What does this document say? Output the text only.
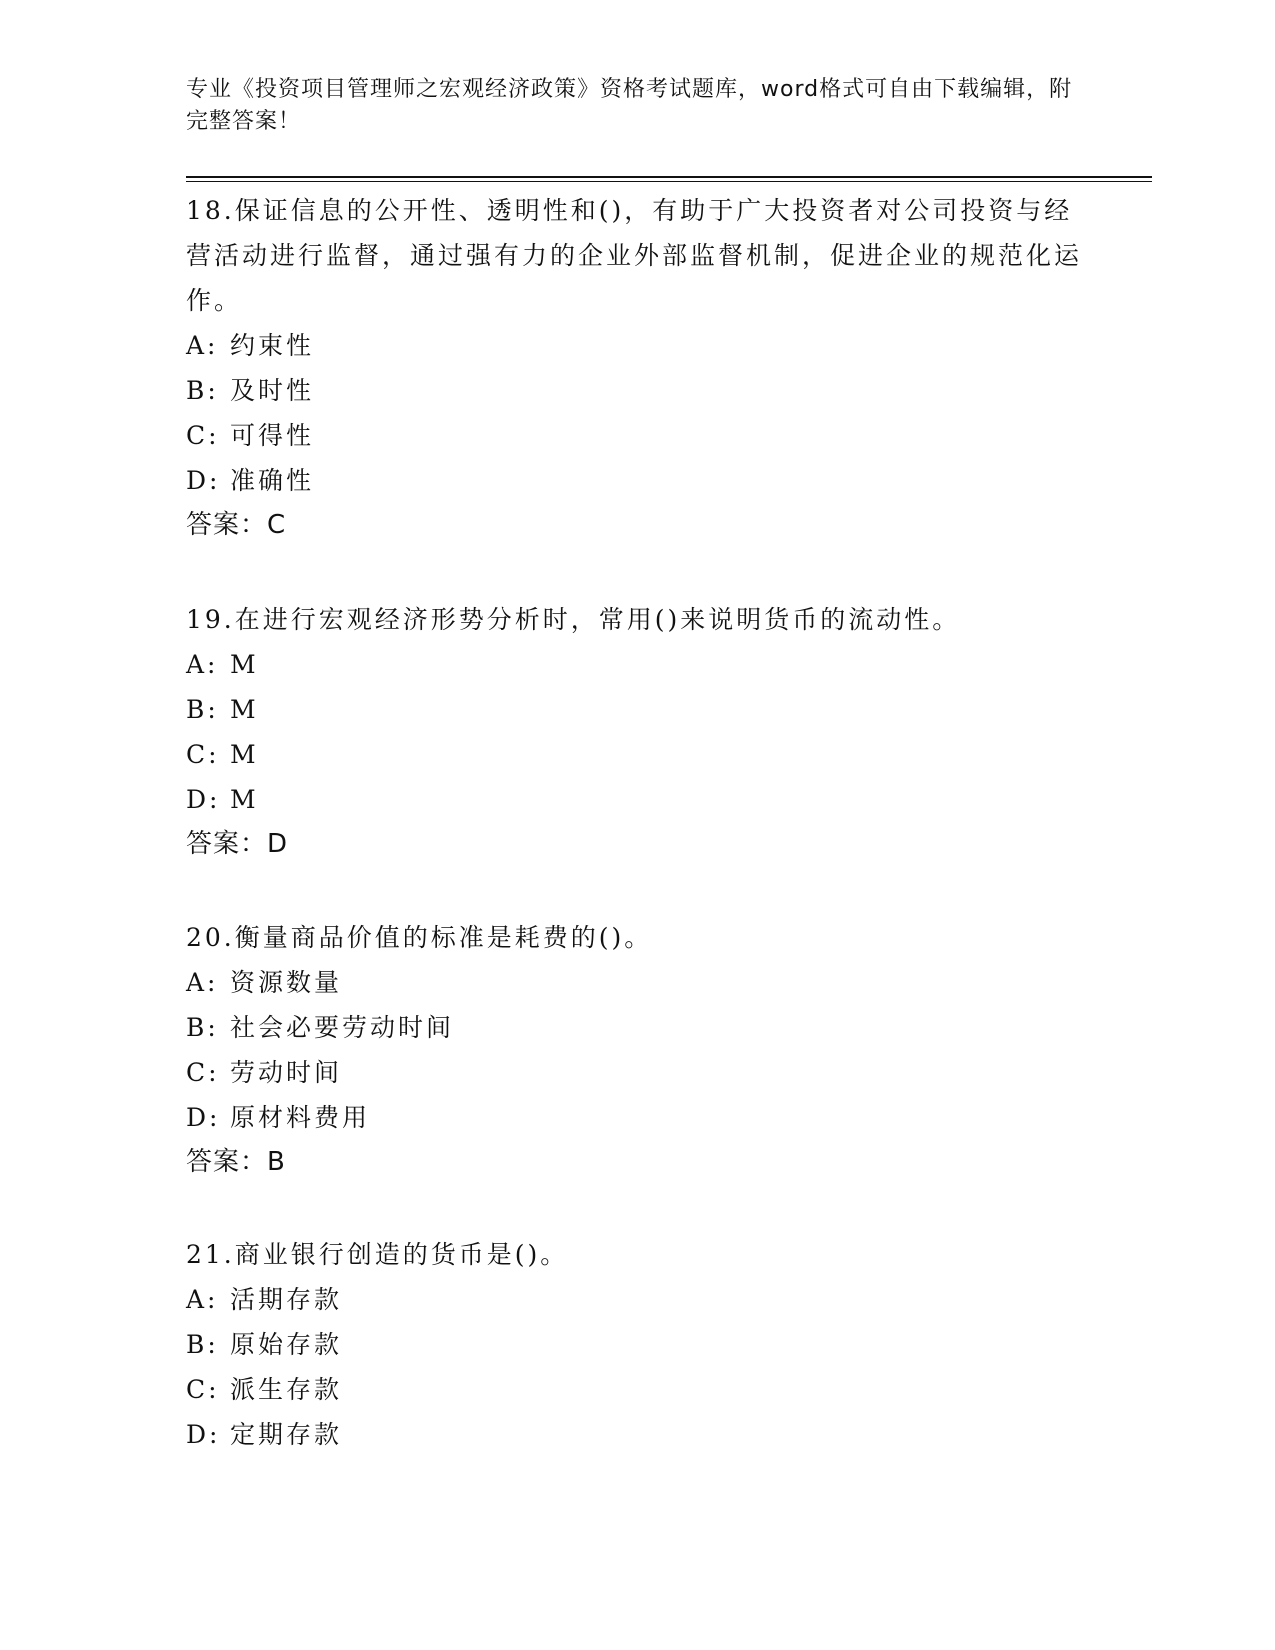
专业《投资项目管理师之宏观经济政策》资格考试题库，word格式可自由下载编辑，附完整答案！
18.保证信息的公开性、透明性和()，有助于广大投资者对公司投资与经营活动进行监督，通过强有力的企业外部监督机制，促进企业的规范化运作。
A: 约束性
B: 及时性
C: 可得性
D: 准确性
答案：C
19.在进行宏观经济形势分析时，常用()来说明货币的流动性。
A: M
B: M
C: M
D: M
答案：D
20.衡量商品价值的标准是耗费的()。
A: 资源数量
B: 社会必要劳动时间
C: 劳动时间
D: 原材料费用
答案：B
21.商业银行创造的货币是()。
A: 活期存款
B: 原始存款
C: 派生存款
D: 定期存款
